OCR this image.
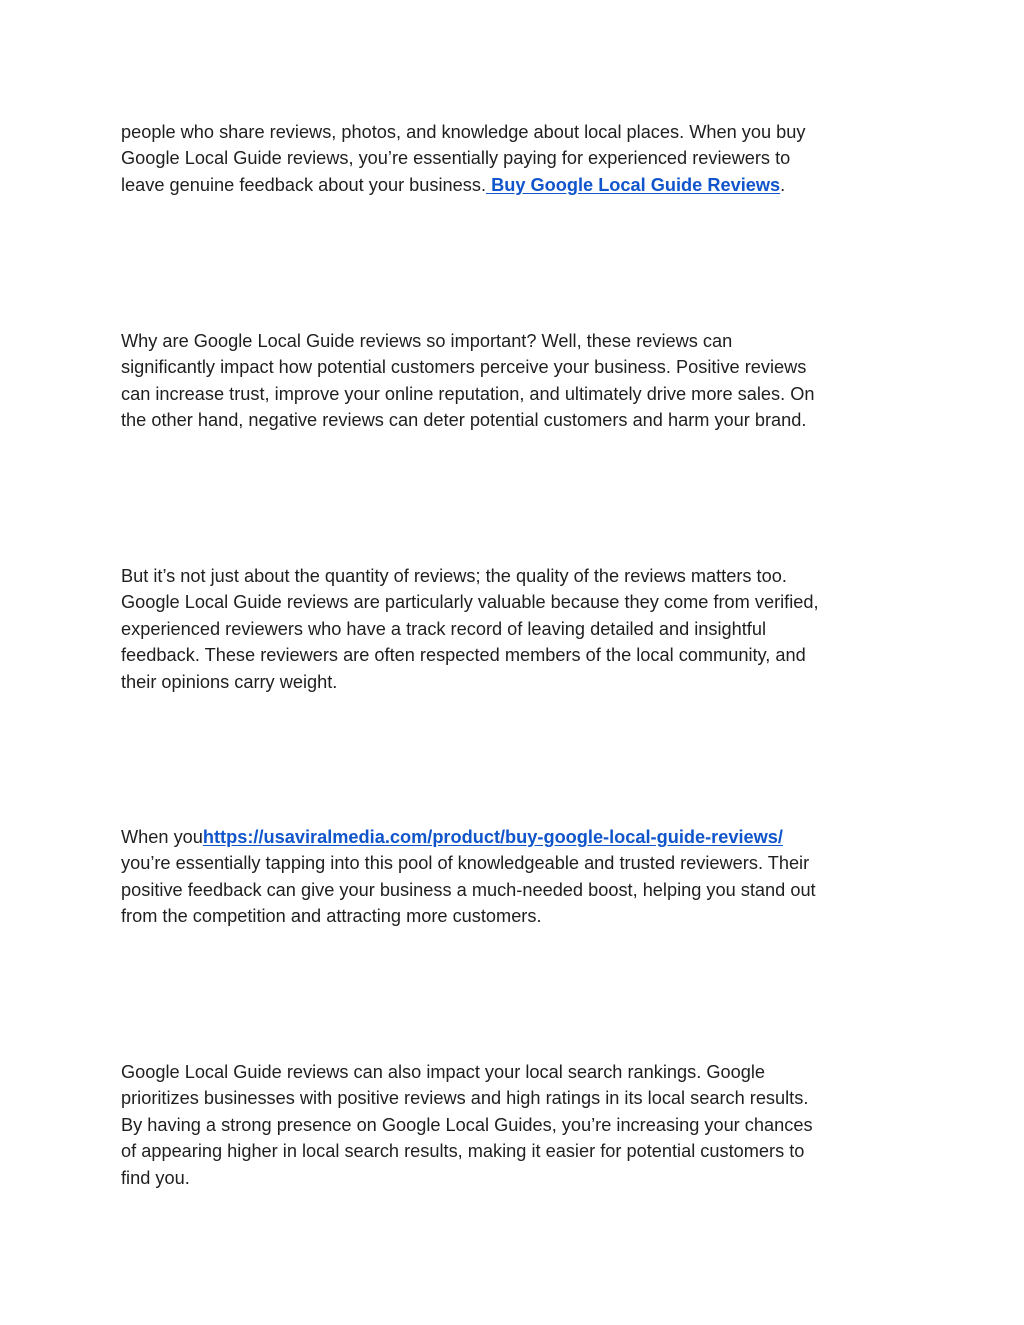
people who share reviews, photos, and knowledge about local places. When you buy
Google Local Guide reviews, you’re essentially paying for experienced reviewers to
leave genuine feedback about your business. Buy Google Local Guide Reviews.

Why are Google Local Guide reviews so important? Well, these reviews can
significantly impact how potential customers perceive your business. Positive reviews
can increase trust, improve your online reputation, and ultimately drive more sales. On
the other hand, negative reviews can deter potential customers and harm your brand.

But it’s not just about the quantity of reviews; the quality of the reviews matters too.
Google Local Guide reviews are particularly valuable because they come from verified,
experienced reviewers who have a track record of leaving detailed and insightful
feedback. These reviewers are often respected members of the local community, and
their opinions carry weight.

When youhttps://usaviralmedia.com/product/buy-google-local-guide-reviews/
you’re essentially tapping into this pool of knowledgeable and trusted reviewers. Their
positive feedback can give your business a much-needed boost, helping you stand out
from the competition and attracting more customers.

Google Local Guide reviews can also impact your local search rankings. Google
prioritizes businesses with positive reviews and high ratings in its local search results.
By having a strong presence on Google Local Guides, you’re increasing your chances
of appearing higher in local search results, making it easier for potential customers to
find you.
